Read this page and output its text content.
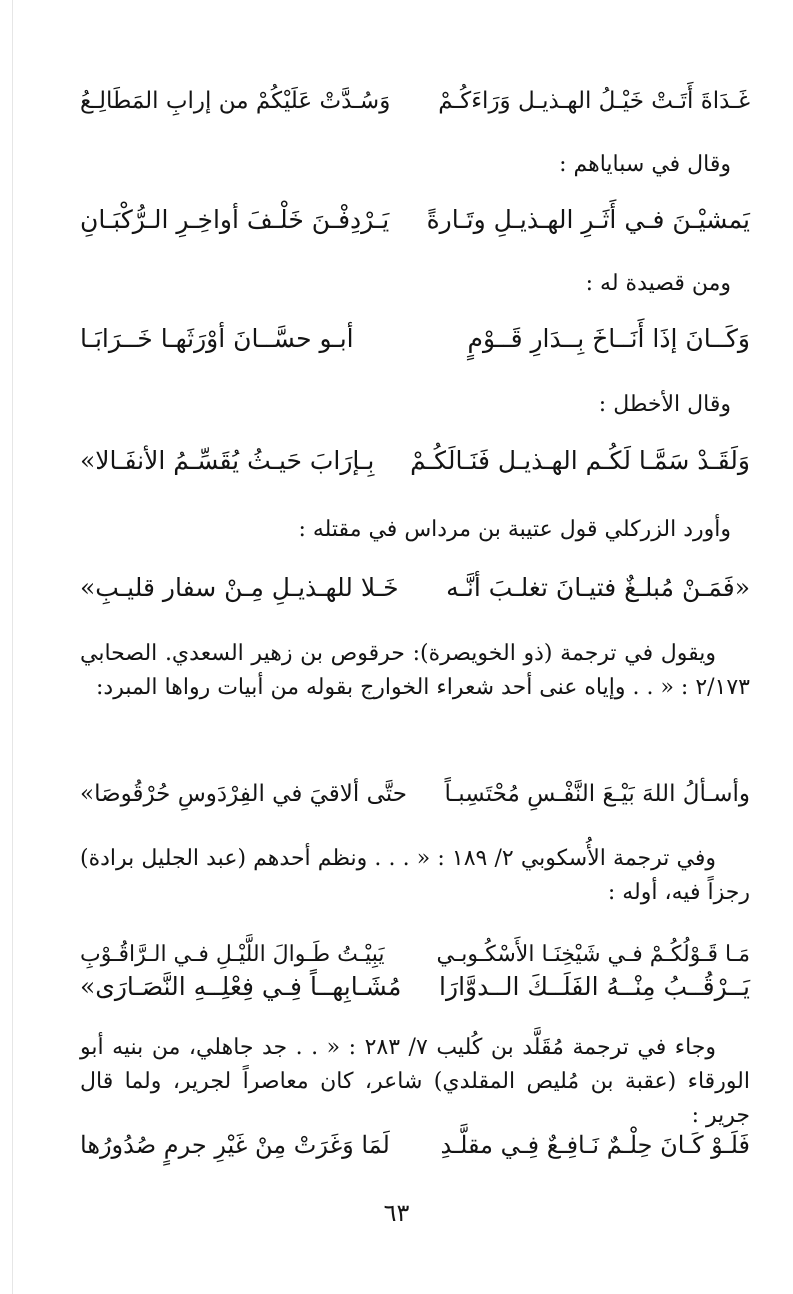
غَـدَاةَ أَتَـتْ خَيْـلُ الهـذيـل وَرَاءَكُـمْ
وَسُـدَّتْ عَلَيْكُمْ من إرابِ المَطَالِـعُ
وقال في سباياهم :
يَمشيْـنَ فـي أَثَـرِ الهـذيـلِ وتَـارةً
يَـرْدِفْـنَ خَلْـفَ أواخِـرِ الـرُّكْبَـانِ
ومن قصيدة له :
وَكَــانَ إذَا أَنَــاخَ بِــدَارِ قَــوْمٍ
أبـو حسَّــانَ أوْرَثَهـا خَــرَابَـا
وقال الأخطل :
وَلَقَـدْ سَمَّـا لَكُـم الهـذيـل فَنَـالَكُـمْ
بِـإرَابَ حَيـثُ يُقَسِّـمُ الأنفَـالا»
وأورد الزركلي قول عتيبة بن مرداس في مقتله :
«فَمَـنْ مُبلـغٌ فتيـانَ تغلـبَ أنَّـه
خَـلا للهـذيـلِ مِـنْ سفار قليـبِ»
ويقول في ترجمة (ذو الخويصرة): حرقوص بن زهير السعدي. الصحابي ٢/١٧٣ : « . . وإياه عنى أحد شعراء الخوارج بقوله من أبيات رواها المبرد:
وأسـألُ اللهَ بَيْـعَ النَّفْـسِ مُحْتَسِبـاً
حتَّى ألاقيَ في الفِرْدَوسِ حُرْقُوصَا»
وفي ترجمة الأُسكوبي ٢/ ١٨٩ : « . . . ونظم أحدهم (عبد الجليل برادة) رجزاً فيه، أوله :
مَـا قَـوْلُكُـمْ فـي شَيْخِنَـا الأَسْكُـوبـي
يَبِيْـتُ طَـوالَ اللَّيْـلِ فـي الـرَّاقُـوْبِ
يَــرْقُــبُ مِنْــهُ الفَلَــكَ الــدوَّارَا
مُشَـابِهــاً فِـي فِعْلِــهِ النَّصَـارَى»
وجاء في ترجمة مُقَلَّد بن كُليب ٧/ ٢٨٣ : « . . جد جاهلي، من بنيه أبو الورقاء (عقبة بن مُليص المقلدي) شاعر، كان معاصراً لجرير، ولما قال جرير :
فَلَـوْ كَـانَ حِلْـمٌ نَـافِـعٌ فِـي مقلَّـدِ
لَمَا وَغَرَتْ مِنْ غَيْرِ جرمٍ صُدُورُها
٦٣
